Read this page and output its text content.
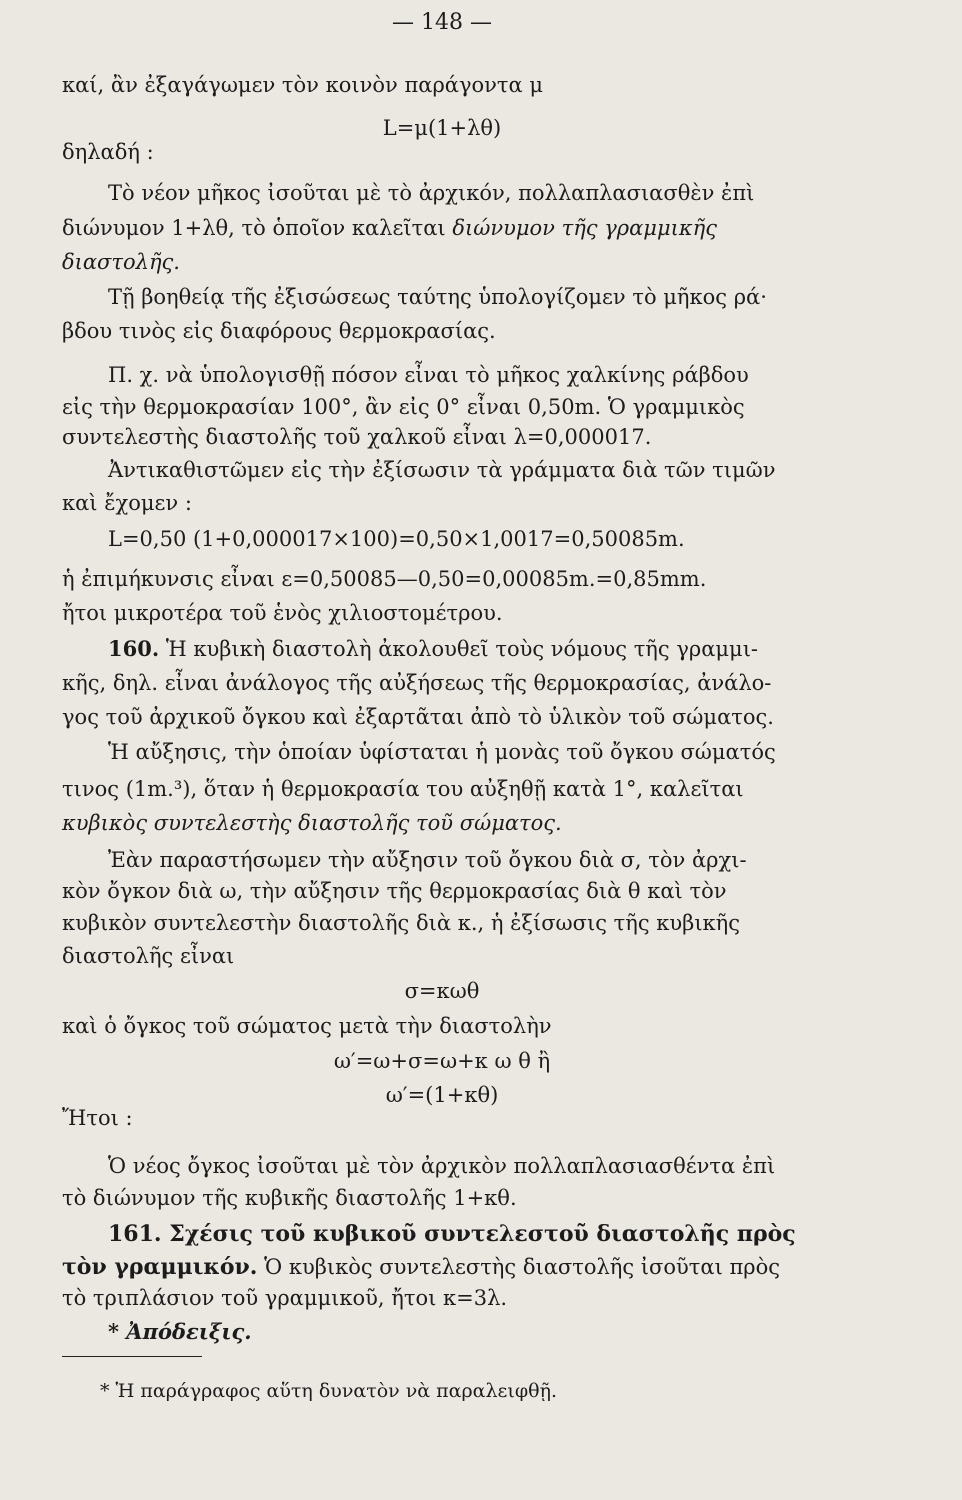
— 148 —
καί, ἂν ἐξαγάγωμεν τὸν κοινὸν παράγοντα μ
L=μ(1+λθ)
δηλαδή :
Τὸ νέον μῆκος ἰσοῦται μὲ τὸ ἀρχικόν, πολλαπλασιασθὲν ἐπὶ
διώνυμον 1+λθ, τὸ ὁποῖον καλεῖται διώνυμον τῆς γραμμικῆς
διαστολῆς.
Τῇ βοηθείᾳ τῆς ἐξισώσεως ταύτης ὑπολογίζομεν τὸ μῆκος ρά·
βδου τινὸς εἰς διαφόρους θερμοκρασίας.
Π. χ. νὰ ὑπολογισθῇ πόσον εἶναι τὸ μῆκος χαλκίνης ράβδου
εἰς τὴν θερμοκρασίαν 100°, ἂν εἰς 0° εἶναι 0,50m. Ὁ γραμμικὸς
συντελεστὴς διαστολῆς τοῦ χαλκοῦ εἶναι λ=0,000017.
Ἀντικαθιστῶμεν εἰς τὴν ἐξίσωσιν τὰ γράμματα διὰ τῶν τιμῶν
καὶ ἔχομεν :
L=0,50 (1+0,000017×100)=0,50×1,0017=0,50085m.
ἡ ἐπιμήκυνσις εἶναι ε=0,50085—0,50=0,00085m.=0,85mm.
ἤτοι μικροτέρα τοῦ ἑνὸς χιλιοστομέτρου.
160. Ἡ κυβικὴ διαστολὴ ἀκολουθεῖ τοὺς νόμους τῆς γραμμι-
κῆς, δηλ. εἶναι ἀνάλογος τῆς αὐξήσεως τῆς θερμοκρασίας, ἀνάλο-
γος τοῦ ἀρχικοῦ ὄγκου καὶ ἐξαρτᾶται ἀπὸ τὸ ὑλικὸν τοῦ σώματος.
Ἡ αὔξησις, τὴν ὁποίαν ὑφίσταται ἡ μονὰς τοῦ ὄγκου σώματός
τινος (1m.³), ὅταν ἡ θερμοκρασία του αὐξηθῇ κατὰ 1°, καλεῖται
κυβικὸς συντελεστὴς διαστολῆς τοῦ σώματος.
Ἐὰν παραστήσωμεν τὴν αὔξησιν τοῦ ὄγκου διὰ σ, τὸν ἀρχι-
κὸν ὄγκον διὰ ω, τὴν αὔξησιν τῆς θερμοκρασίας διὰ θ καὶ τὸν
κυβικὸν συντελεστὴν διαστολῆς διὰ κ., ἡ ἐξίσωσις τῆς κυβικῆς
διαστολῆς εἶναι
σ=κωθ
καὶ ὁ ὄγκος τοῦ σώματος μετὰ τὴν διαστολὴν
ω′=ω+σ=ω+κ ω θ ἢ
ω′=(1+κθ)
Ἤτοι :
Ὁ νέος ὄγκος ἰσοῦται μὲ τὸν ἀρχικὸν πολλαπλασιασθέντα ἐπὶ
τὸ διώνυμον τῆς κυβικῆς διαστολῆς 1+κθ.
161. Σχέσις τοῦ κυβικοῦ συντελεστοῦ διαστολῆς πρὸς
τὸν γραμμικόν. Ὁ κυβικὸς συντελεστὴς διαστολῆς ἰσοῦται πρὸς
τὸ τριπλάσιον τοῦ γραμμικοῦ, ἤτοι κ=3λ.
* Ἀπόδειξις.
* Ἡ παράγραφος αὕτη δυνατὸν νὰ παραλειφθῇ.
